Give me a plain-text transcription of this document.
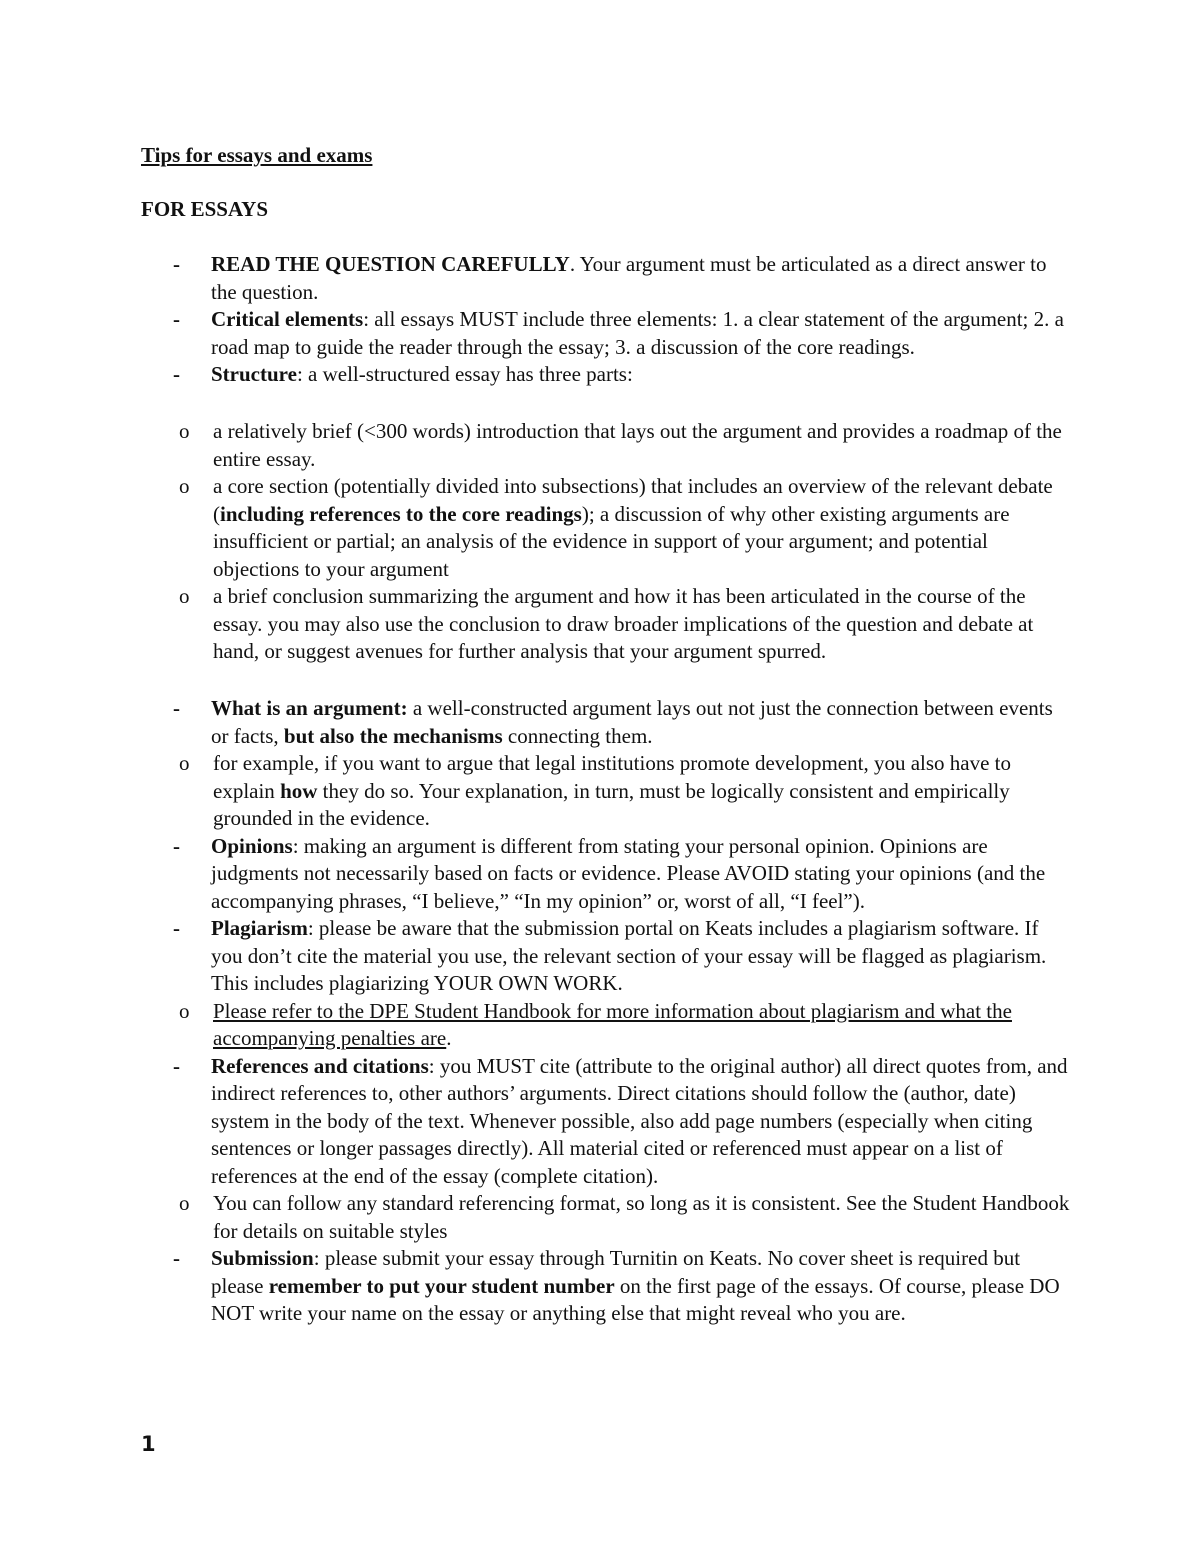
Tips for essays and exams

FOR ESSAYS

- READ THE QUESTION CAREFULLY. Your argument must be articulated as a direct answer to the question.
- Critical elements: all essays MUST include three elements: 1. a clear statement of the argument; 2. a road map to guide the reader through the essay; 3. a discussion of the core readings.
- Structure: a well-structured essay has three parts:
o a relatively brief (<300 words) introduction that lays out the argument and provides a roadmap of the entire essay.
o a core section (potentially divided into subsections) that includes an overview of the relevant debate (including references to the core readings); a discussion of why other existing arguments are insufficient or partial; an analysis of the evidence in support of your argument; and potential objections to your argument
o a brief conclusion summarizing the argument and how it has been articulated in the course of the essay. you may also use the conclusion to draw broader implications of the question and debate at hand, or suggest avenues for further analysis that your argument spurred.
- What is an argument: a well-constructed argument lays out not just the connection between events or facts, but also the mechanisms connecting them.
o for example, if you want to argue that legal institutions promote development, you also have to explain how they do so. Your explanation, in turn, must be logically consistent and empirically grounded in the evidence.
- Opinions: making an argument is different from stating your personal opinion. Opinions are judgments not necessarily based on facts or evidence. Please AVOID stating your opinions (and the accompanying phrases, “I believe,” “In my opinion” or, worst of all, “I feel”).
- Plagiarism: please be aware that the submission portal on Keats includes a plagiarism software. If you don’t cite the material you use, the relevant section of your essay will be flagged as plagiarism. This includes plagiarizing YOUR OWN WORK.
o Please refer to the DPE Student Handbook for more information about plagiarism and what the accompanying penalties are.
- References and citations: you MUST cite (attribute to the original author) all direct quotes from, and indirect references to, other authors’ arguments. Direct citations should follow the (author, date) system in the body of the text. Whenever possible, also add page numbers (especially when citing sentences or longer passages directly). All material cited or referenced must appear on a list of references at the end of the essay (complete citation).
o You can follow any standard referencing format, so long as it is consistent. See the Student Handbook for details on suitable styles
- Submission: please submit your essay through Turnitin on Keats. No cover sheet is required but please remember to put your student number on the first page of the essays. Of course, please DO NOT write your name on the essay or anything else that might reveal who you are.

1
